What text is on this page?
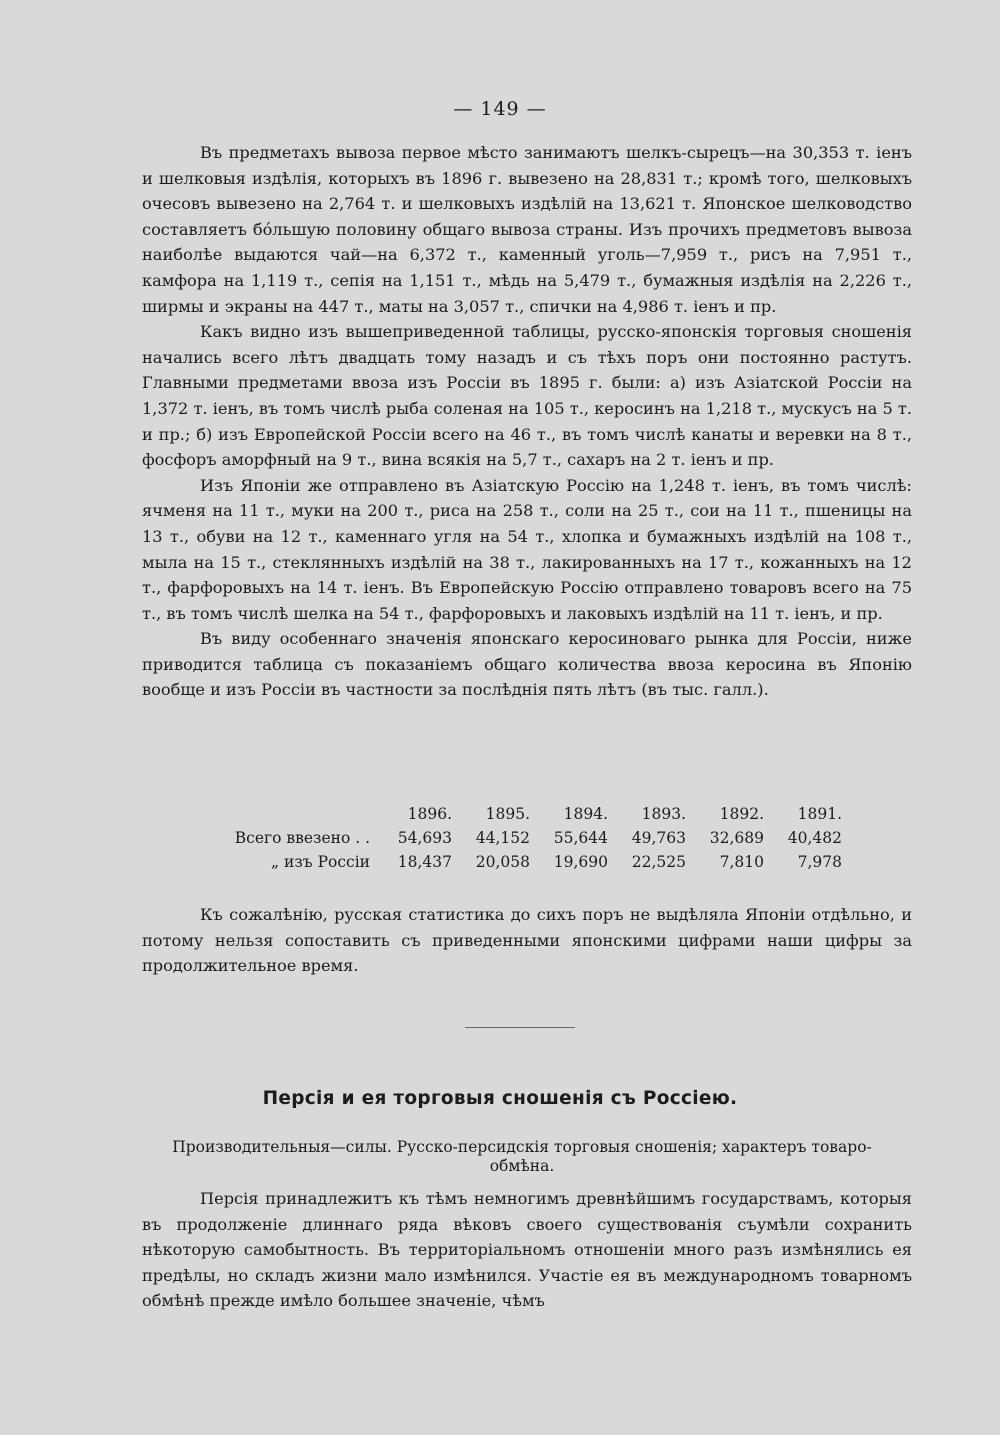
— 149 —

Въ предметахъ вывоза первое мѣсто занимаютъ шелкъ-сырецъ—на 30,353 т. іенъ и шелковыя издѣлія, которыхъ въ 1896 г. вывезено на 28,831 т.; кромѣ того, шелковыхъ очесовъ вывезено на 2,764 т. и шелковыхъ издѣлій на 13,621 т. Японское шелководство составляетъ бо́льшую половину общаго вывоза страны. Изъ прочихъ предметовъ вывоза наиболѣе выдаются чай—на 6,372 т., каменный уголь—7,959 т., рисъ на 7,951 т., камфора на 1,119 т., сепія на 1,151 т., мѣдь на 5,479 т., бумажныя издѣлія на 2,226 т., ширмы и экраны на 447 т., маты на 3,057 т., спички на 4,986 т. іенъ и пр.

Какъ видно изъ вышеприведенной таблицы, русско-японскія торговыя сношенія начались всего лѣтъ двадцать тому назадъ и съ тѣхъ поръ они постоянно растутъ. Главными предметами ввоза изъ Россіи въ 1895 г. были: а) изъ Азіатской Россіи на 1,372 т. іенъ, въ томъ числѣ рыба соленая на 105 т., керосинъ на 1,218 т., мускусъ на 5 т. и пр.; б) изъ Европейской Россіи всего на 46 т., въ томъ числѣ канаты и веревки на 8 т., фосфоръ аморфный на 9 т., вина всякія на 5,7 т., сахаръ на 2 т. іенъ и пр.

Изъ Японіи же отправлено въ Азіатскую Россію на 1,248 т. іенъ, въ томъ числѣ: ячменя на 11 т., муки на 200 т., риса на 258 т., соли на 25 т., сои на 11 т., пшеницы на 13 т., обуви на 12 т., каменнаго угля на 54 т., хлопка и бумажныхъ издѣлій на 108 т., мыла на 15 т., стеклянныхъ издѣлій на 38 т., лакированныхъ на 17 т., кожанныхъ на 12 т., фарфоровыхъ на 14 т. іенъ. Въ Европейскую Россію отправлено товаровъ всего на 75 т., въ томъ числѣ шелка на 54 т., фарфоровыхъ и лаковыхъ издѣлій на 11 т. іенъ, и пр.

Въ виду особеннаго значенія японскаго керосиноваго рынка для Россіи, ниже приводится таблица съ показаніемъ общаго количества ввоза керосина въ Японію вообще и изъ Россіи въ частности за послѣднія пять лѣтъ (въ тыс. галл.).

	1896.	1895.	1894.	1893.	1892.	1891.
Всего ввезено . .	54,693	44,152	55,644	49,763	32,689	40,482
„ изъ Россіи	18,437	20,058	19,690	22,525	7,810	7,978

Къ сожалѣнію, русская статистика до сихъ поръ не выдѣляла Японіи отдѣльно, и потому нельзя сопоставить съ приведенными японскими цифрами наши цифры за продолжительное время.

Персія и ея торговыя сношенія съ Россіею.
Производительныя—силы. Русско-персидскія торговыя сношенія; характеръ товаро-обмѣна.

Персія принадлежитъ къ тѣмъ немногимъ древнѣйшимъ государствамъ, которыя въ продолженіе длиннаго ряда вѣковъ своего существованія съумѣли сохранить нѣкоторую самобытность. Въ территоріальномъ отношеніи много разъ измѣнялись ея предѣлы, но складъ жизни мало измѣнился. Участіе ея въ международномъ товарномъ обмѣнѣ прежде имѣло большее значеніе, чѣмъ
